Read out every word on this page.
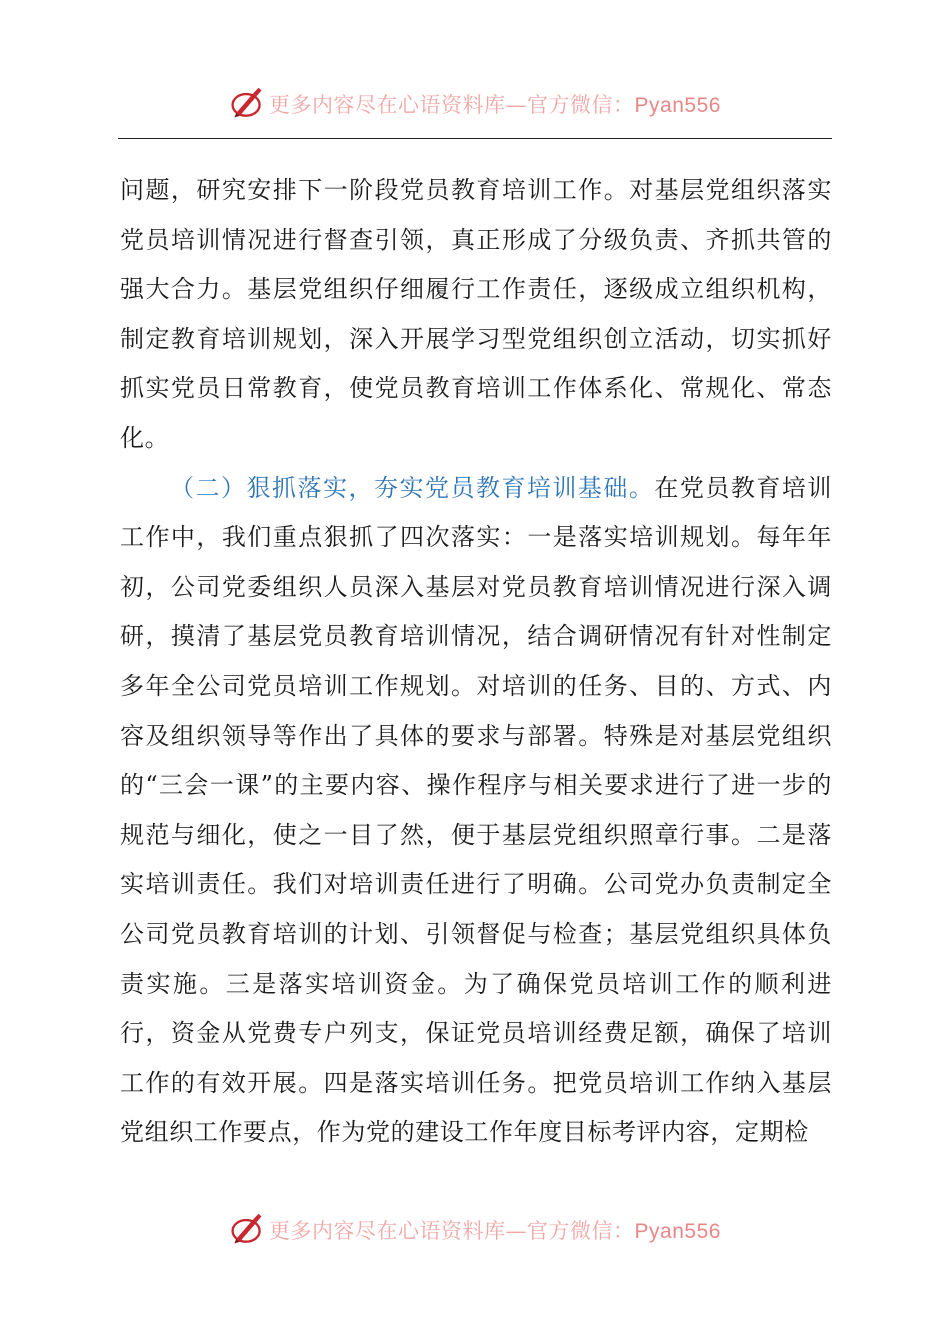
更多内容尽在心语资料库—官方微信：Pyan556

问题，研究安排下一阶段党员教育培训工作。对基层党组织落实党员培训情况进行督查引领，真正形成了分级负责、齐抓共管的强大合力。基层党组织仔细履行工作责任，逐级成立组织机构，制定教育培训规划，深入开展学习型党组织创立活动，切实抓好抓实党员日常教育，使党员教育培训工作体系化、常规化、常态化。

（二）狠抓落实，夯实党员教育培训基础。在党员教育培训工作中，我们重点狠抓了四次落实：一是落实培训规划。每年年初，公司党委组织人员深入基层对党员教育培训情况进行深入调研，摸清了基层党员教育培训情况，结合调研情况有针对性制定多年全公司党员培训工作规划。对培训的任务、目的、方式、内容及组织领导等作出了具体的要求与部署。特殊是对基层党组织的“三会一课”的主要内容、操作程序与相关要求进行了进一步的规范与细化，使之一目了然，便于基层党组织照章行事。二是落实培训责任。我们对培训责任进行了明确。公司党办负责制定全公司党员教育培训的计划、引领督促与检查；基层党组织具体负责实施。三是落实培训资金。为了确保党员培训工作的顺利进行，资金从党费专户列支，保证党员培训经费足额，确保了培训工作的有效开展。四是落实培训任务。把党员培训工作纳入基层党组织工作要点，作为党的建设工作年度目标考评内容，定期检

更多内容尽在心语资料库—官方微信：Pyan556
